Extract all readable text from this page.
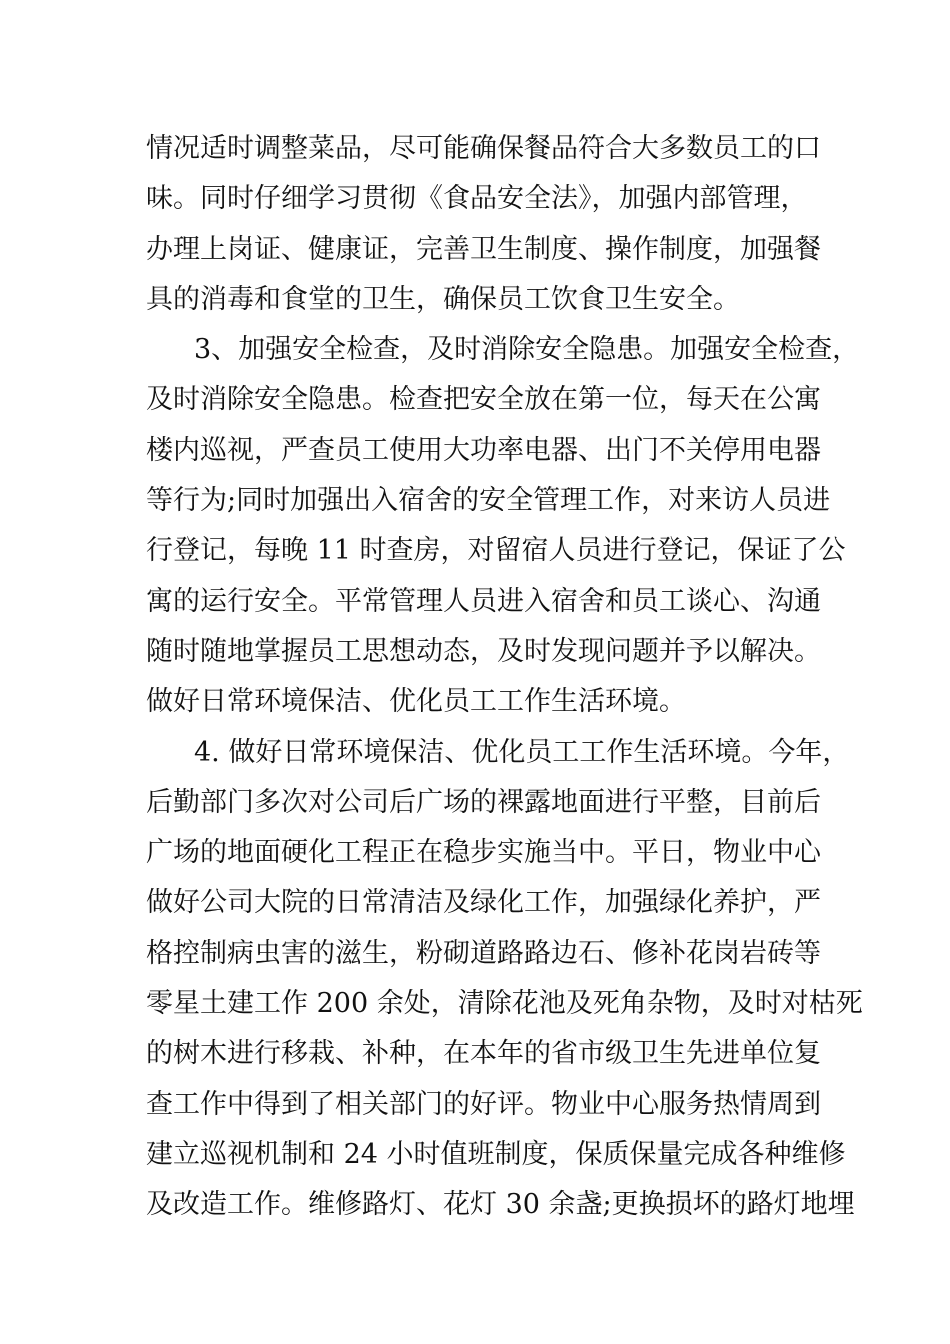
情况适时调整菜品，尽可能确保餐品符合大多数员工的口
味。同时仔细学习贯彻《食品安全法》，加强内部管理，
办理上岗证、健康证，完善卫生制度、操作制度，加强餐
具的消毒和食堂的卫生，确保员工饮食卫生安全。
3、加强安全检查，及时消除安全隐患。加强安全检查，
及时消除安全隐患。检查把安全放在第一位，每天在公寓
楼内巡视，严查员工使用大功率电器、出门不关停用电器
等行为;同时加强出入宿舍的安全管理工作，对来访人员进
行登记，每晚 11 时查房，对留宿人员进行登记，保证了公
寓的运行安全。平常管理人员进入宿舍和员工谈心、沟通
随时随地掌握员工思想动态，及时发现问题并予以解决。
做好日常环境保洁、优化员工工作生活环境。
4. 做好日常环境保洁、优化员工工作生活环境。今年，
后勤部门多次对公司后广场的裸露地面进行平整，目前后
广场的地面硬化工程正在稳步实施当中。平日，物业中心
做好公司大院的日常清洁及绿化工作，加强绿化养护，严
格控制病虫害的滋生，粉砌道路路边石、修补花岗岩砖等
零星土建工作 200 余处，清除花池及死角杂物，及时对枯死
的树木进行移栽、补种，在本年的省市级卫生先进单位复
查工作中得到了相关部门的好评。物业中心服务热情周到
建立巡视机制和 24 小时值班制度，保质保量完成各种维修
及改造工作。维修路灯、花灯 30 余盏;更换损坏的路灯地埋
